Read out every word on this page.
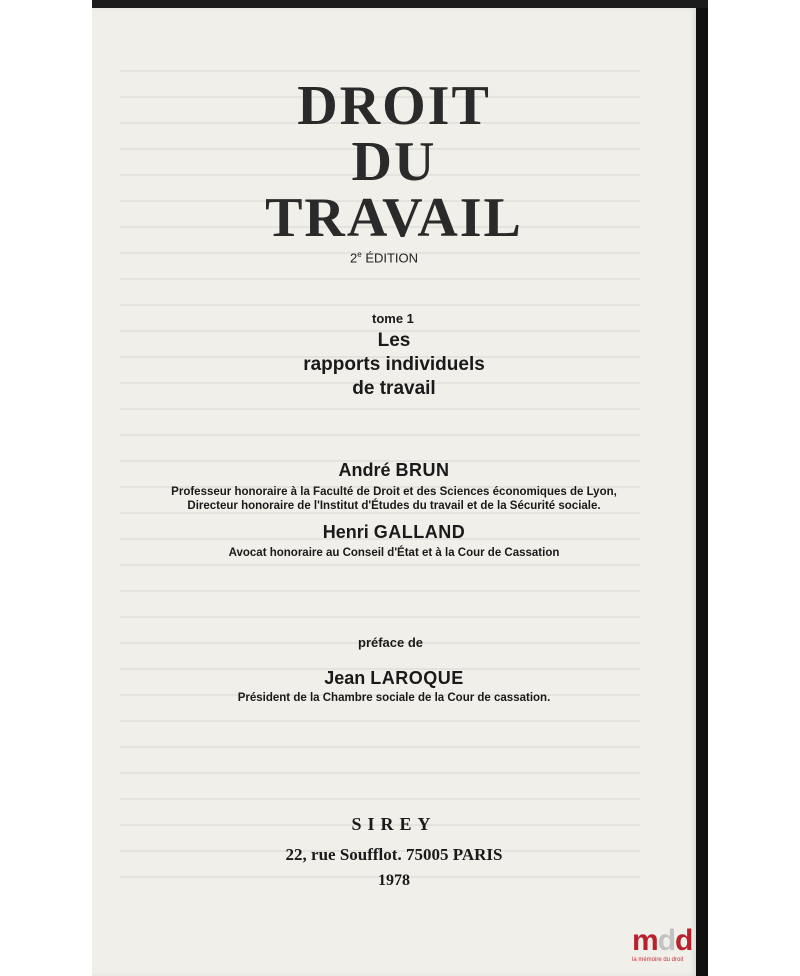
DROIT
DU
TRAVAIL
2e ÉDITION
tome 1
Les
rapports individuels
de travail
André BRUN
Professeur honoraire à la Faculté de Droit et des Sciences économiques de Lyon,
Directeur honoraire de l'Institut d'Études du travail et de la Sécurité sociale.
Henri GALLAND
Avocat honoraire au Conseil d'État et à la Cour de Cassation
préface de
Jean LAROQUE
Président de la Chambre sociale de la Cour de cassation.
SIREY
22, rue Soufflot. 75005 PARIS
1978
mdd
la mémoire du droit
